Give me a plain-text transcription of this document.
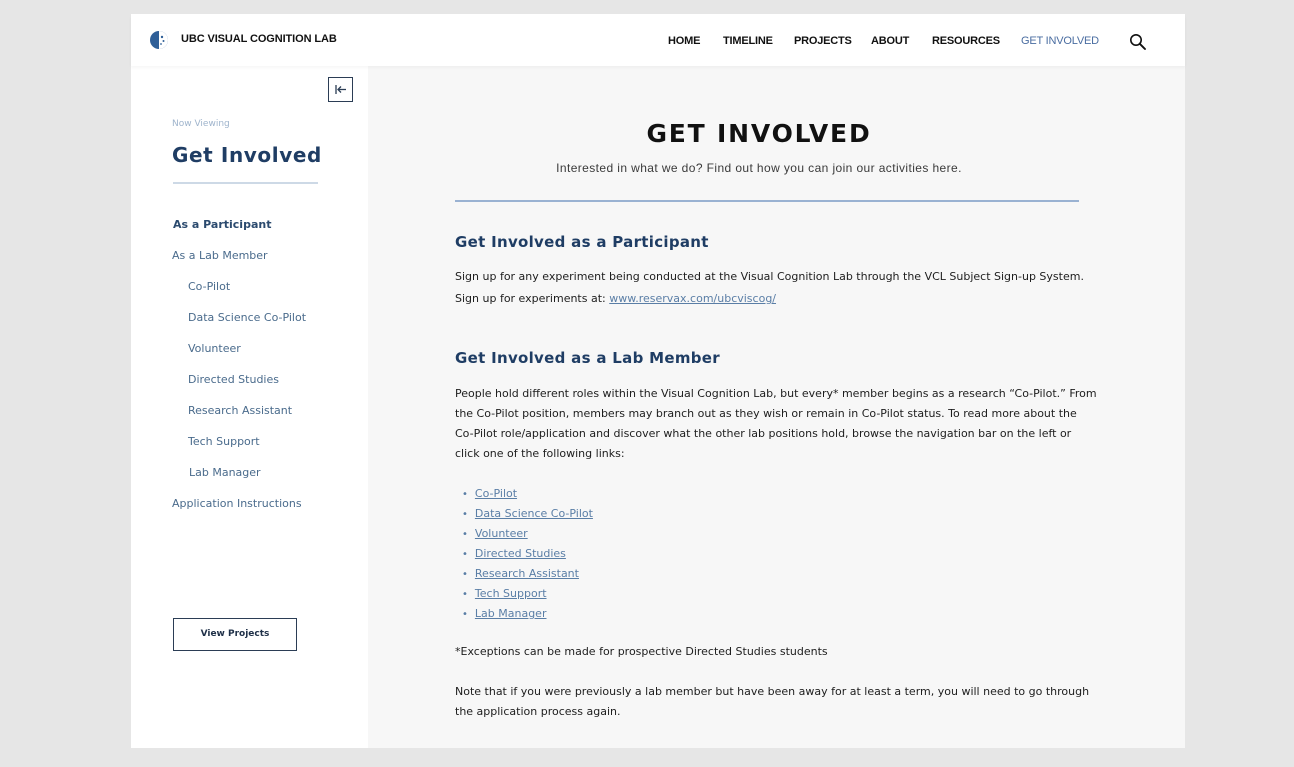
UBC VISUAL COGNITION LAB	HOME TIMELINE PROJECTS ABOUT RESOURCES GET INVOLVED
Now Viewing
Get Involved
As a Participant
As a Lab Member
Co-Pilot
Data Science Co-Pilot
Volunteer
Directed Studies
Research Assistant
Tech Support
Lab Manager
Application Instructions
View Projects
GET INVOLVED
Interested in what we do? Find out how you can join our activities here.
Get Involved as a Participant
Sign up for any experiment being conducted at the Visual Cognition Lab through the VCL Subject Sign-up System.
Sign up for experiments at: www.reservax.com/ubcviscog/
Get Involved as a Lab Member
People hold different roles within the Visual Cognition Lab, but every* member begins as a research “Co-Pilot.” From
the Co-Pilot position, members may branch out as they wish or remain in Co-Pilot status. To read more about the
Co-Pilot role/application and discover what the other lab positions hold, browse the navigation bar on the left or
click one of the following links:
• Co-Pilot
• Data Science Co-Pilot
• Volunteer
• Directed Studies
• Research Assistant
• Tech Support
• Lab Manager
*Exceptions can be made for prospective Directed Studies students
Note that if you were previously a lab member but have been away for at least a term, you will need to go through
the application process again.
